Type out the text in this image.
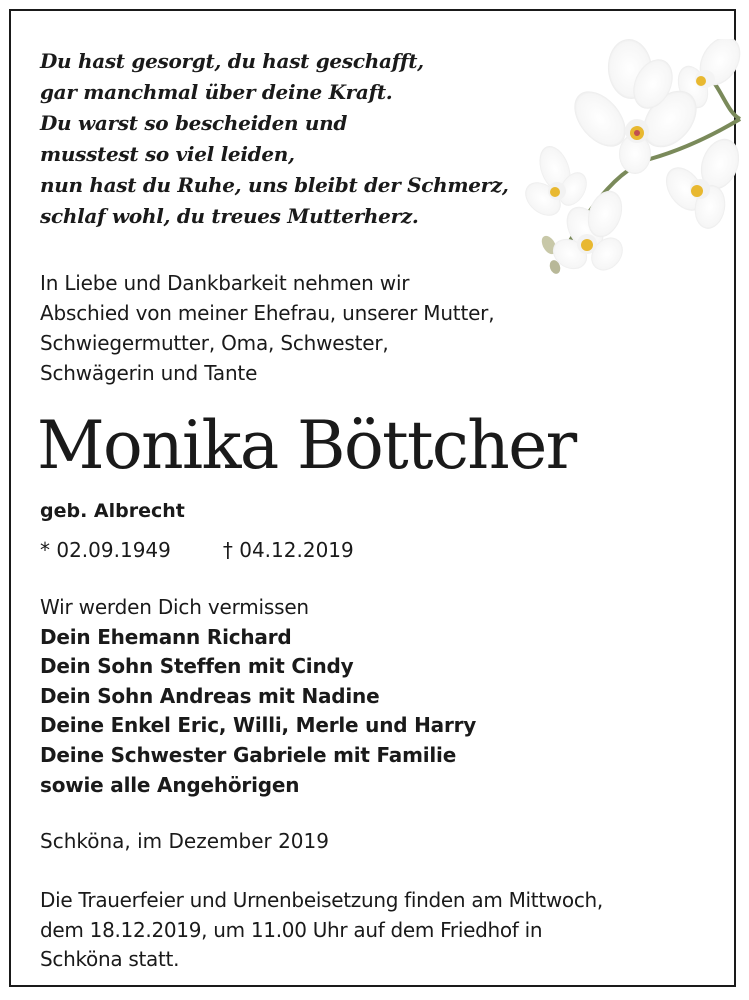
Du hast gesorgt, du hast geschafft,
gar manchmal über deine Kraft.
Du warst so bescheiden und
musstest so viel leiden,
nun hast du Ruhe, uns bleibt der Schmerz,
schlaf wohl, du treues Mutterherz.
In Liebe und Dankbarkeit nehmen wir
Abschied von meiner Ehefrau, unserer Mutter,
Schwiegermutter, Oma, Schwester,
Schwägerin und Tante
Monika Böttcher
geb. Albrecht
* 02.09.1949	† 04.12.2019
Wir werden Dich vermissen
Dein Ehemann Richard
Dein Sohn Steffen mit Cindy
Dein Sohn Andreas mit Nadine
Deine Enkel Eric, Willi, Merle und Harry
Deine Schwester Gabriele mit Familie
sowie alle Angehörigen
Schköna, im Dezember 2019
Die Trauerfeier und Urnenbeisetzung finden am Mittwoch,
dem 18.12.2019, um 11.00 Uhr auf dem Friedhof in
Schköna statt.
